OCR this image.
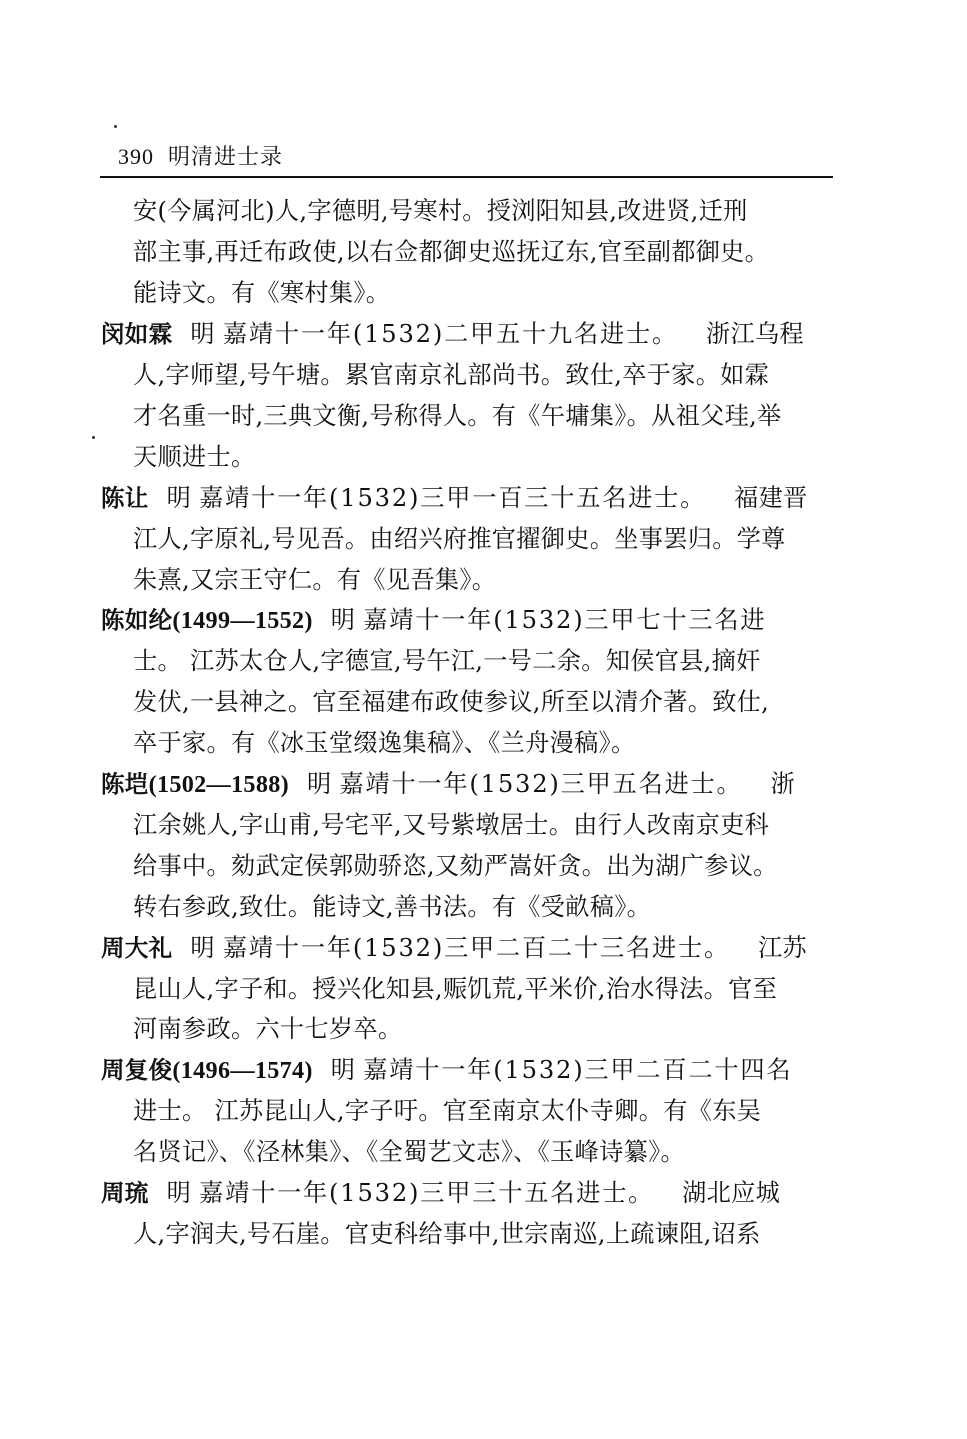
390 明清进士录
安(今属河北)人,字德明,号寒村。授浏阳知县,改进贤,迁刑
部主事,再迁布政使,以右佥都御史巡抚辽东,官至副都御史。
能诗文。有《寒村集》。
闵如霖 明 嘉靖十一年(1532)二甲五十九名进士。 浙江乌程
人,字师望,号午塘。累官南京礼部尚书。致仕,卒于家。如霖
才名重一时,三典文衡,号称得人。有《午墉集》。从祖父珪,举
天顺进士。
陈让 明 嘉靖十一年(1532)三甲一百三十五名进士。 福建晋
江人,字原礼,号见吾。由绍兴府推官擢御史。坐事罢归。学尊
朱熹,又宗王守仁。有《见吾集》。
陈如纶(1499—1552) 明 嘉靖十一年(1532)三甲七十三名进
士。 江苏太仓人,字德宣,号午江,一号二余。知侯官县,摘奸
发伏,一县神之。官至福建布政使参议,所至以清介著。致仕,
卒于家。有《冰玉堂缀逸集稿》、《兰舟漫稿》。
陈垲(1502—1588) 明 嘉靖十一年(1532)三甲五名进士。 浙
江余姚人,字山甫,号宅平,又号紫墩居士。由行人改南京吏科
给事中。劾武定侯郭勋骄恣,又劾严嵩奸贪。出为湖广参议。
转右参政,致仕。能诗文,善书法。有《受畝稿》。
周大礼 明 嘉靖十一年(1532)三甲二百二十三名进士。 江苏
昆山人,字子和。授兴化知县,赈饥荒,平米价,治水得法。官至
河南参政。六十七岁卒。
周复俊(1496—1574) 明 嘉靖十一年(1532)三甲二百二十四名
进士。 江苏昆山人,字子吁。官至南京太仆寺卿。有《东吴
名贤记》、《泾林集》、《全蜀艺文志》、《玉峰诗纂》。
周琉 明 嘉靖十一年(1532)三甲三十五名进士。 湖北应城
人,字润夫,号石崖。官吏科给事中,世宗南巡,上疏谏阻,诏系
